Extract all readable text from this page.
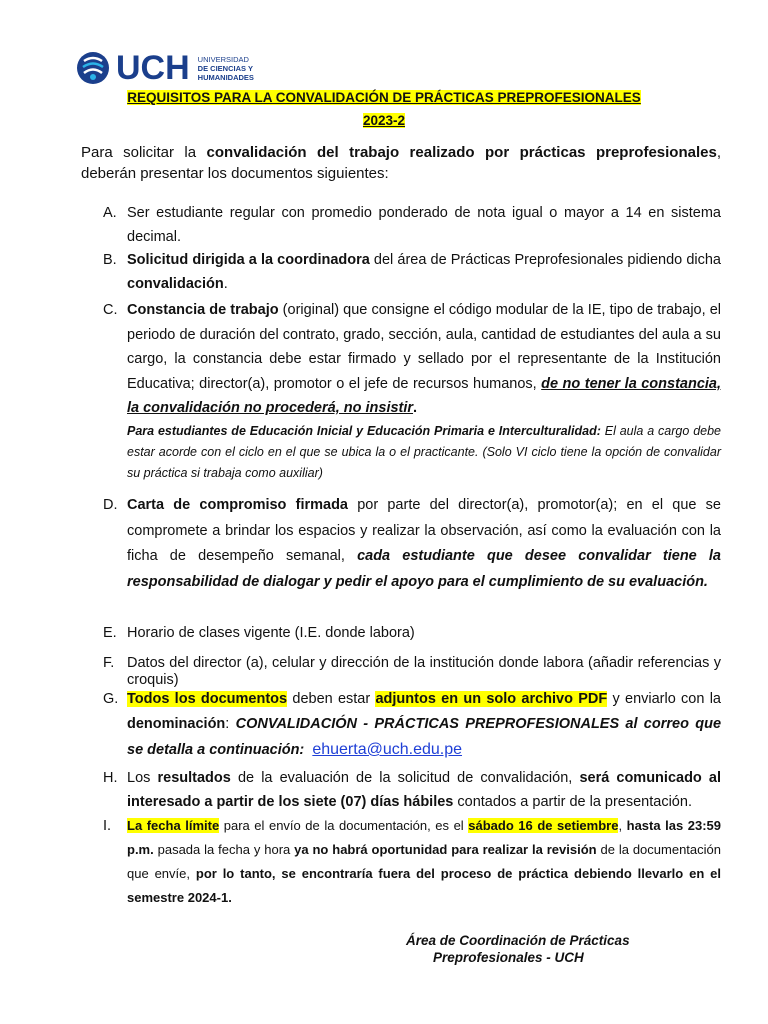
UCH UNIVERSIDAD
DE CIENCIAS Y
HUMANIDADES
REQUISITOS PARA LA CONVALIDACIÓN DE PRÁCTICAS PREPROFESIONALES
2023-2
Para solicitar la convalidación del trabajo realizado por prácticas preprofesionales, deberán presentar los documentos siguientes:
A. Ser estudiante regular con promedio ponderado de nota igual o mayor a 14 en sistema decimal.
B. Solicitud dirigida a la coordinadora del área de Prácticas Preprofesionales pidiendo dicha convalidación.
C. Constancia de trabajo (original) que consigne el código modular de la IE, tipo de trabajo, el periodo de duración del contrato, grado, sección, aula, cantidad de estudiantes del aula a su cargo, la constancia debe estar firmado y sellado por el representante de la Institución Educativa; director(a), promotor o el jefe de recursos humanos, de no tener la constancia, la convalidación no procederá, no insistir.
Para estudiantes de Educación Inicial y Educación Primaria e Interculturalidad: El aula a cargo debe estar acorde con el ciclo en el que se ubica la o el practicante. (Solo VI ciclo tiene la opción de convalidar su práctica si trabaja como auxiliar)
D. Carta de compromiso firmada por parte del director(a), promotor(a); en el que se compromete a brindar los espacios y realizar la observación, así como la evaluación con la ficha de desempeño semanal, cada estudiante que desee convalidar tiene la responsabilidad de dialogar y pedir el apoyo para el cumplimiento de su evaluación.
E. Horario de clases vigente (I.E. donde labora)
F. Datos del director (a), celular y dirección de la institución donde labora (añadir referencias y croquis)
G. Todos los documentos deben estar adjuntos en un solo archivo PDF y enviarlo con la denominación: CONVALIDACIÓN - PRÁCTICAS PREPROFESIONALES al correo que se detalla a continuación: ehuerta@uch.edu.pe
H. Los resultados de la evaluación de la solicitud de convalidación, será comunicado al interesado a partir de los siete (07) días hábiles contados a partir de la presentación.
I. La fecha límite para el envío de la documentación, es el sábado 16 de setiembre, hasta las 23:59 p.m. pasada la fecha y hora ya no habrá oportunidad para realizar la revisión de la documentación que envíe, por lo tanto, se encontraría fuera del proceso de práctica debiendo llevarlo en el semestre 2024-1.
Área de Coordinación de Prácticas
Preprofesionales - UCH
